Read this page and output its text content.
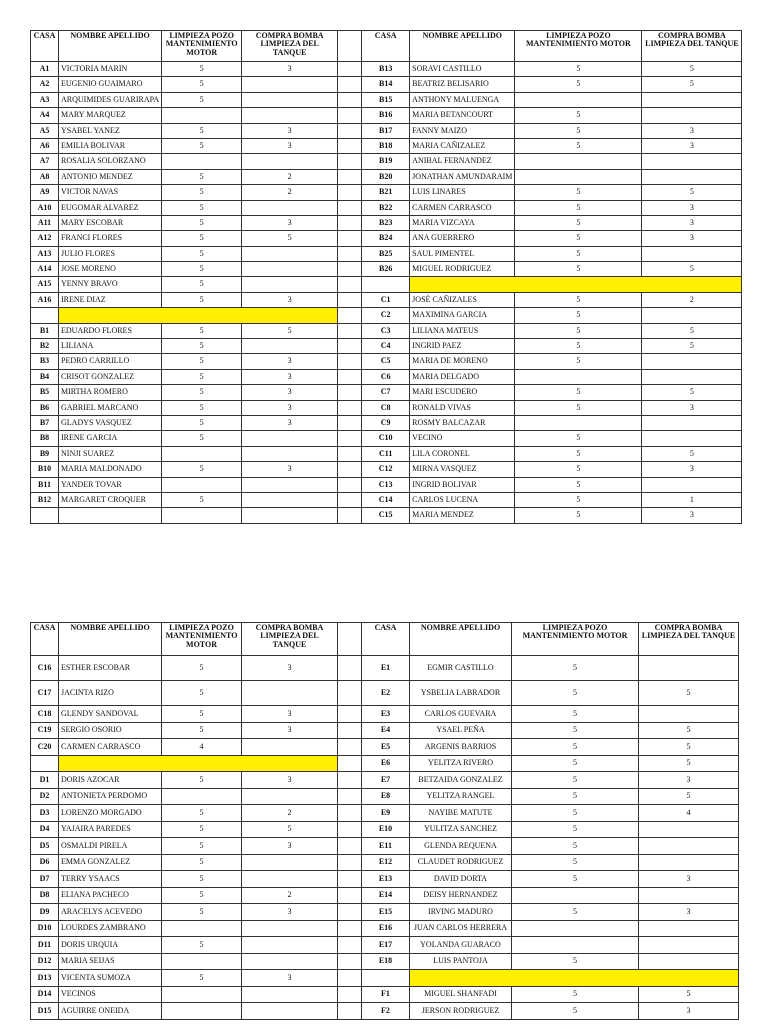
CASA	NOMBRE APELLIDO	LIMPIEZA POZO MANTENIMIENTO MOTOR	COMPRA BOMBA LIMPIEZA DEL TANQUE		CASA	NOMBRE APELLIDO	LIMPIEZA POZO MANTENIMIENTO MOTOR	COMPRA BOMBA LIMPIEZA DEL TANQUE
A1	VICTORIA MARIN	5	3		B13	SORAVI CASTILLO	5	5
A2	EUGENIO GUAIMARO	5			B14	BEATRIZ BELISARIO	5	5
A3	ARQUIMIDES GUARIRAPA	5			B15	ANTHONY MALUENGA		
A4	MARY MARQUEZ				B16	MARIA BETANCOURT	5	
A5	YSABEL YANEZ	5	3		B17	FANNY MAIZO	5	3
A6	EMILIA BOLIVAR	5	3		B18	MARIA CAÑIZALEZ	5	3
A7	ROSALIA SOLORZANO				B19	ANIBAL FERNANDEZ		
A8	ANTONIO MENDEZ	5	2		B20	JONATHAN AMUNDARAIM		
A9	VICTOR NAVAS	5	2		B21	LUIS LINARES	5	5
A10	EUGOMAR ALVAREZ	5			B22	CARMEN CARRASCO	5	3
A11	MARY ESCOBAR	5	3		B23	MARIA VIZCAYA	5	3
A12	FRANCI FLORES	5	5		B24	ANA GUERRERO	5	3
A13	JULIO FLORES	5			B25	SAUL PIMENTEL	5	
A14	JOSE MORENO	5			B26	MIGUEL RODRIGUEZ	5	5
A15	YENNY BRAVO	5						
A16	IRENE DIAZ	5	3		C1	JOSÉ CAÑIZALES	5	2
					C2	MAXIMINA GARCIA	5	
B1	EDUARDO FLORES	5	5		C3	LILIANA MATEUS	5	5
B2	LILIANA	5			C4	INGRID PAEZ	5	5
B3	PEDRO CARRILLO	5	3		C5	MARIA DE MORENO	5	
B4	CRISOT GONZALEZ	5	3		C6	MARIA DELGADO		
B5	MIRTHA ROMERO	5	3		C7	MARI ESCUDERO	5	5
B6	GABRIEL MARCANO	5	3		C8	RONALD VIVAS	5	3
B7	GLADYS VASQUEZ	5	3		C9	ROSMY BALCAZAR		
B8	IRENE GARCIA	5			C10	VECINO	5	
B9	NINJI SUAREZ				C11	LILA CORONEL	5	5
B10	MARIA MALDONADO	5	3		C12	MIRNA VASQUEZ	5	3
B11	YANDER TOVAR				C13	INGRID BOLIVAR	5	
B12	MARGARET CROQUER	5			C14	CARLOS LUCENA	5	1
					C15	MARIA MENDEZ	5	3
CASA	NOMBRE APELLIDO	LIMPIEZA POZO MANTENIMIENTO MOTOR	COMPRA BOMBA LIMPIEZA DEL TANQUE		CASA	NOMBRE APELLIDO	LIMPIEZA POZO MANTENIMIENTO MOTOR	COMPRA BOMBA LIMPIEZA DEL TANQUE
C16	ESTHER ESCOBAR	5	3		E1	EGMIR CASTILLO	5	
C17	JACINTA RIZO	5			E2	YSBELIA LABRADOR	5	5
C18	GLENDY SANDOVAL	5	3		E3	CARLOS GUEVARA	5	
C19	SERGIO OSORIO	5	3		E4	YSAEL PEÑA	5	5
C20	CARMEN CARRASCO	4			E5	ARGENIS BARRIOS	5	5
					E6	YELITZA RIVERO	5	5
D1	DORIS AZOCAR	5	3		E7	BETZAIDA GONZALEZ	5	3
D2	ANTONIETA PERDOMO				E8	YELITZA RANGEL	5	5
D3	LORENZO MORGADO	5	2		E9	NAYIBE MATUTE	5	4
D4	YAJAIRA PAREDES	5	5		E10	YULITZA SANCHEZ	5	
D5	OSMALDI PIRELA	5	3		E11	GLENDA REQUENA	5	
D6	EMMA GONZALEZ	5			E12	CLAUDET RODRIGUEZ	5	
D7	TERRY YSAACS	5			E13	DAVID DORTA	5	3
D8	ELIANA PACHECO	5	2		E14	DEISY HERNANDEZ		
D9	ARACELYS ACEVEDO	5	3		E15	IRVING MADURO	5	3
D10	LOURDES ZAMBRANO				E16	JUAN CARLOS HERRERA		
D11	DORIS URQUIA	5			E17	YOLANDA GUARACO		
D12	MARIA SEIJAS				E18	LUIS PANTOJA	5	
D13	VICENTA SUMOZA	5	3					
D14	VECINOS				F1	MIGUEL SHANFADI	5	5
D15	AGUIRRE ONEIDA				F2	JERSON RODRIGUEZ	5	3
